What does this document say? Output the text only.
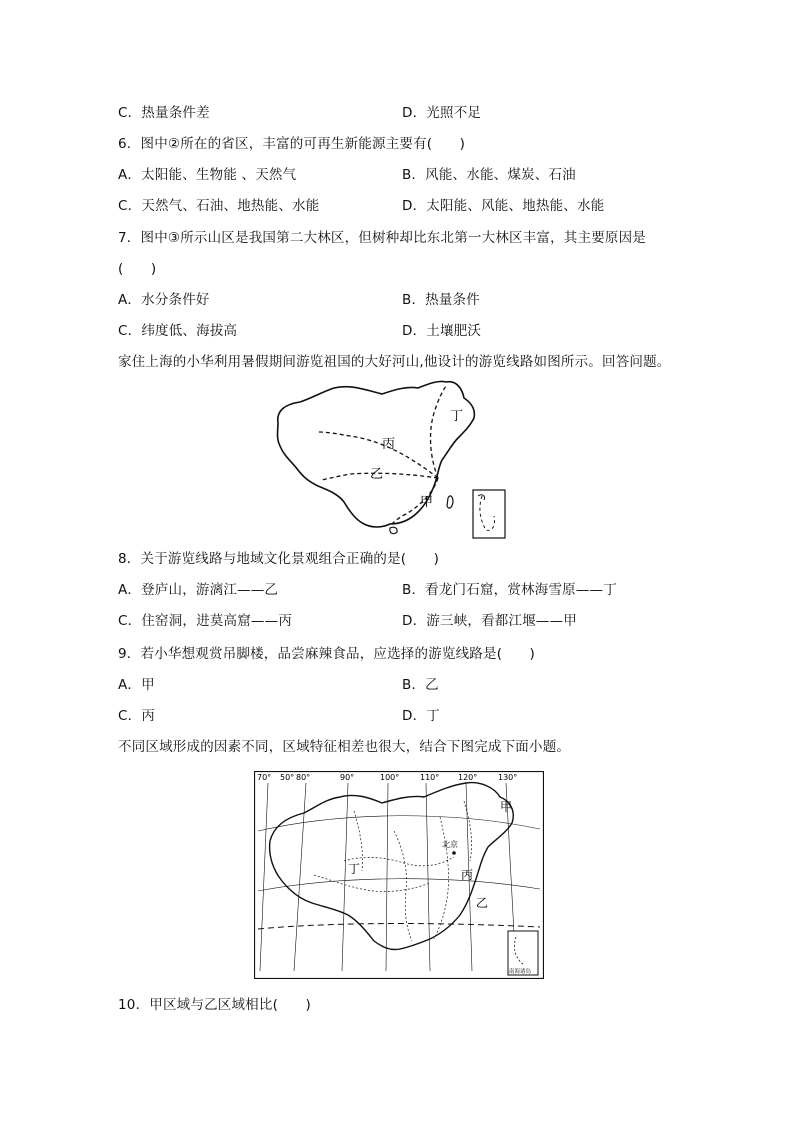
C．热量条件差	D．光照不足
6．图中②所在的省区，丰富的可再生新能源主要有(　　)
A．太阳能、生物能 、天然气	B．风能、水能、煤炭、石油
C．天然气、石油、地热能、水能	D．太阳能、风能、地热能、水能
7．图中③所示山区是我国第二大林区，但树种却比东北第一大林区丰富，其主要原因是
(　　)
A．水分条件好	B．热量条件
C．纬度低、海拔高	D．土壤肥沃
家住上海的小华利用暑假期间游览祖国的大好河山,他设计的游览线路如图所示。回答问题。
丁
丙
乙
甲
8．关于游览线路与地域文化景观组合正确的是(　　)
A．登庐山，游漓江——乙	B．看龙门石窟，赏林海雪原——丁
C．住窑洞，进莫高窟——丙	D．游三峡，看都江堰——甲
9．若小华想观赏吊脚楼，品尝麻辣食品，应选择的游览线路是(　　)
A．甲	B．乙
C．丙	D．丁
不同区域形成的因素不同，区域特征相差也很大，结合下图完成下面小题。
70° 50° 80°	90°	100°	110° 120°	130°
甲
丙
丁
乙
北京
南海诸岛
10．甲区域与乙区域相比(　　)
